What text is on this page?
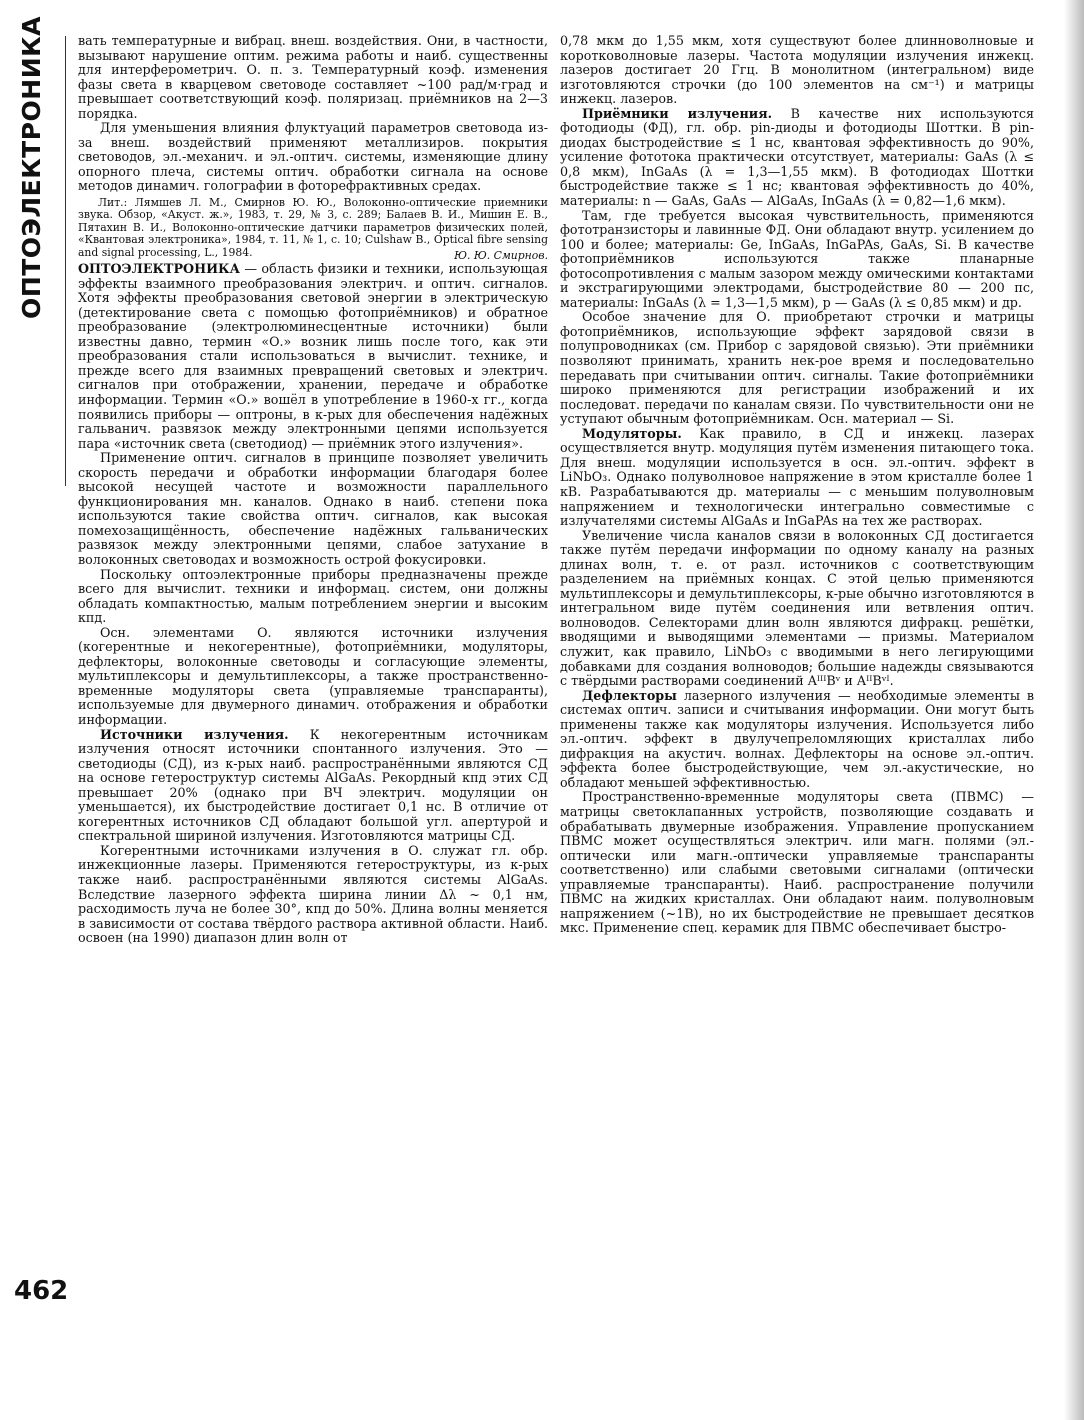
ОПТОЭЛЕКТРОНИКА
462

вать температурные и вибрац. внеш. воздействия. Они, в частности, вызывают нарушение оптим. режима работы и наиб. существенны для интерферометрич. О. п. з. Температурный коэф. изменения фазы света в кварцевом световоде составляет ~100 рад/м·град и превышает соответствующий коэф. поляризац. приёмников на 2—3 порядка.

Для уменьшения влияния флуктуаций параметров световода из-за внеш. воздействий применяют металлизиров. покрытия световодов, эл.-механич. и эл.-оптич. системы, изменяющие длину опорного плеча, системы оптич. обработки сигнала на основе методов динамич. голографии в фоторефрактивных средах.

Лит.: Лямшев Л. М., Смирнов Ю. Ю., Волоконно-оптические приемники звука. Обзор, «Акуст. ж.», 1983, т. 29, № 3, с. 289; Балаев В. И., Мишин Е. В., Пятахин В. И., Волоконно-оптические датчики параметров физических полей, «Квантовая электроника», 1984, т. 11, № 1, с. 10; Culshaw B., Optical fibre sensing and signal processing, L., 1984.	Ю. Ю. Смирнов.

ОПТОЭЛЕКТРОНИКА — область физики и техники, использующая эффекты взаимного преобразования электрич. и оптич. сигналов. Хотя эффекты преобразования световой энергии в электрическую (детектирование света с помощью фотоприёмников) и обратное преобразование (электролюминесцентные источники) были известны давно, термин «О.» возник лишь после того, как эти преобразования стали использоваться в вычислит. технике, и прежде всего для взаимных превращений световых и электрич. сигналов при отображении, хранении, передаче и обработке информации. Термин «О.» вошёл в употребление в 1960-х гг., когда появились приборы — оптроны, в к-рых для обеспечения надёжных гальванич. развязок между электронными цепями используется пара «источник света (светодиод) — приёмник этого излучения».

Применение оптич. сигналов в принципе позволяет увеличить скорость передачи и обработки информации благодаря более высокой несущей частоте и возможности параллельного функционирования мн. каналов. Однако в наиб. степени пока используются такие свойства оптич. сигналов, как высокая помехозащищённость, обеспечение надёжных гальванических развязок между электронными цепями, слабое затухание в волоконных световодах и возможность острой фокусировки.

Поскольку оптоэлектронные приборы предназначены прежде всего для вычислит. техники и информац. систем, они должны обладать компактностью, малым потреблением энергии и высоким кпд.

Осн. элементами О. являются источники излучения (когерентные и некогерентные), фотоприёмники, модуляторы, дефлекторы, волоконные световоды и согласующие элементы, мультиплексоры и демультиплексоры, а также пространственно-временные модуляторы света (управляемые транспаранты), используемые для двумерного динамич. отображения и обработки информации.

Источники излучения. К некогерентным источникам излучения относят источники спонтанного излучения. Это — светодиоды (СД), из к-рых наиб. распространёнными являются СД на основе гетероструктур системы AlGaAs. Рекордный кпд этих СД превышает 20% (однако при ВЧ электрич. модуляции он уменьшается), их быстродействие достигает 0,1 нс. В отличие от когерентных источников СД обладают большой угл. апертурой и спектральной шириной излучения. Изготовляются матрицы СД.

Когерентными источниками излучения в О. служат гл. обр. инжекционные лазеры. Применяются гетероструктуры, из к-рых также наиб. распространёнными являются системы AlGaAs. Вследствие лазерного эффекта ширина линии Δλ ~ 0,1 нм, расходимость луча не более 30°, кпд до 50%. Длина волны меняется в зависимости от состава твёрдого раствора активной области. Наиб. освоен (на 1990) диапазон длин волн от

0,78 мкм до 1,55 мкм, хотя существуют более длинноволновые и коротковолновые лазеры. Частота модуляции излучения инжекц. лазеров достигает 20 Ггц. В монолитном (интегральном) виде изготовляются строчки (до 100 элементов на см⁻¹) и матрицы инжекц. лазеров.

Приёмники излучения. В качестве них используются фотодиоды (ФД), гл. обр. pin-диоды и фотодиоды Шоттки. В pin-диодах быстродействие ≤ 1 нс, квантовая эффективность до 90%, усиление фототока практически отсутствует, материалы: GaAs (λ ≤ 0,8 мкм), InGaAs (λ = 1,3—1,55 мкм). В фотодиодах Шоттки быстродействие также ≤ 1 нс; квантовая эффективность до 40%, материалы: n — GaAs, GaAs — AlGaAs, InGaAs (λ = 0,82—1,6 мкм).

Там, где требуется высокая чувствительность, применяются фототранзисторы и лавинные ФД. Они обладают внутр. усилением до 100 и более; материалы: Ge, InGaAs, InGaPAs, GaAs, Si. В качестве фотоприёмников используются также планарные фотосопротивления с малым зазором между омическими контактами и экстрагирующими электродами, быстродействие 80 — 200 пс, материалы: InGaAs (λ = 1,3—1,5 мкм), p — GaAs (λ ≤ 0,85 мкм) и др.

Особое значение для О. приобретают строчки и матрицы фотоприёмников, использующие эффект зарядовой связи в полупроводниках (см. Прибор с зарядовой связью). Эти приёмники позволяют принимать, хранить нек-рое время и последовательно передавать при считывании оптич. сигналы. Такие фотоприёмники широко применяются для регистрации изображений и их последоват. передачи по каналам связи. По чувствительности они не уступают обычным фотоприёмникам. Осн. материал — Si.

Модуляторы. Как правило, в СД и инжекц. лазерах осуществляется внутр. модуляция путём изменения питающего тока. Для внеш. модуляции используется в осн. эл.-оптич. эффект в LiNbO₃. Однако полуволновое напряжение в этом кристалле более 1 кВ. Разрабатываются др. материалы — с меньшим полуволновым напряжением и технологически интегрально совместимые с излучателями системы AlGaAs и InGaPAs на тех же растворах.

Увеличение числа каналов связи в волоконных СД достигается также путём передачи информации по одному каналу на разных длинах волн, т. е. от разл. источников с соответствующим разделением на приёмных концах. С этой целью применяются мультиплексоры и демультиплексоры, к-рые обычно изготовляются в интегральном виде путём соединения или ветвления оптич. волноводов. Селекторами длин волн являются дифракц. решётки, вводящими и выводящими элементами — призмы. Материалом служит, как правило, LiNbO₃ с вводимыми в него легирующими добавками для создания волноводов; большие надежды связываются с твёрдыми растворами соединений AᴵᴵᴵBᵛ и AᴵᴵBᵛᴵ.

Дефлекторы лазерного излучения — необходимые элементы в системах оптич. записи и считывания информации. Они могут быть применены также как модуляторы излучения. Используется либо эл.-оптич. эффект в двулучепреломляющих кристаллах либо дифракция на акустич. волнах. Дефлекторы на основе эл.-оптич. эффекта более быстродействующие, чем эл.-акустические, но обладают меньшей эффективностью.

Пространственно-временные модуляторы света (ПВМС) — матрицы светоклапанных устройств, позволяющие создавать и обрабатывать двумерные изображения. Управление пропусканием ПВМС может осуществляться электрич. или магн. полями (эл.-оптически или магн.-оптически управляемые транспаранты соответственно) или слабыми световыми сигналами (оптически управляемые транспаранты). Наиб. распространение получили ПВМС на жидких кристаллах. Они обладают наим. полуволновым напряжением (~1В), но их быстродействие не превышает десятков мкс. Применение спец. керамик для ПВМС обеспечивает быстро-
